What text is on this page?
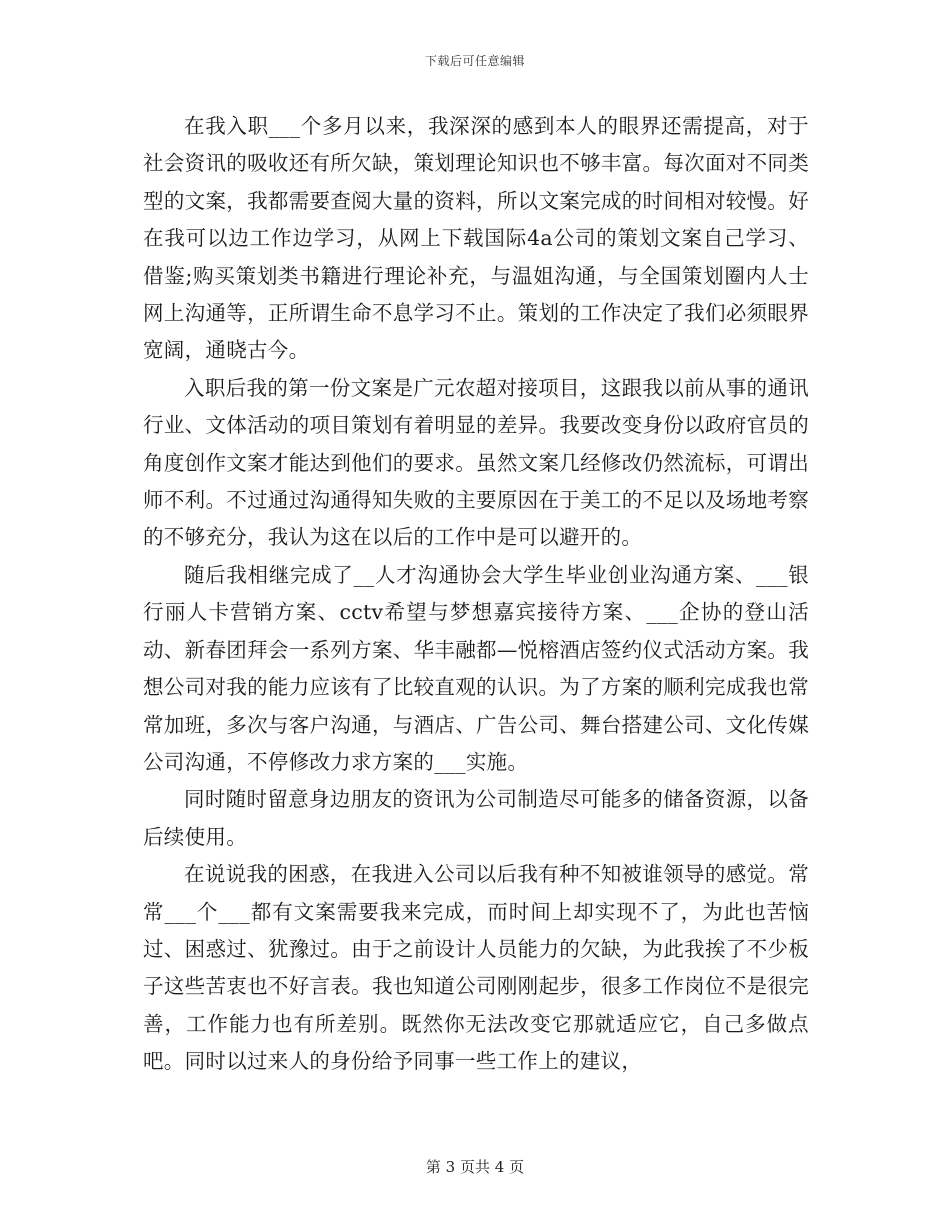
下载后可任意编辑

在我入职___个多月以来，我深深的感到本人的眼界还需提高，对于社会资讯的吸收还有所欠缺，策划理论知识也不够丰富。每次面对不同类型的文案，我都需要查阅大量的资料，所以文案完成的时间相对较慢。好在我可以边工作边学习，从网上下载国际4a公司的策划文案自己学习、借鉴;购买策划类书籍进行理论补充，与温姐沟通，与全国策划圈内人士网上沟通等，正所谓生命不息学习不止。策划的工作决定了我们必须眼界宽阔，通晓古今。

入职后我的第一份文案是广元农超对接项目，这跟我以前从事的通讯行业、文体活动的项目策划有着明显的差异。我要改变身份以政府官员的角度创作文案才能达到他们的要求。虽然文案几经修改仍然流标，可谓出师不利。不过通过沟通得知失败的主要原因在于美工的不足以及场地考察的不够充分，我认为这在以后的工作中是可以避开的。

随后我相继完成了__人才沟通协会大学生毕业创业沟通方案、___银行丽人卡营销方案、cctv希望与梦想嘉宾接待方案、___企协的登山活动、新春团拜会一系列方案、华丰融都—悦榕酒店签约仪式活动方案。我想公司对我的能力应该有了比较直观的认识。为了方案的顺利完成我也常常加班，多次与客户沟通，与酒店、广告公司、舞台搭建公司、文化传媒公司沟通，不停修改力求方案的___实施。

同时随时留意身边朋友的资讯为公司制造尽可能多的储备资源，以备后续使用。

在说说我的困惑，在我进入公司以后我有种不知被谁领导的感觉。常常___个___都有文案需要我来完成，而时间上却实现不了，为此也苦恼过、困惑过、犹豫过。由于之前设计人员能力的欠缺，为此我挨了不少板子这些苦衷也不好言表。我也知道公司刚刚起步，很多工作岗位不是很完善，工作能力也有所差别。既然你无法改变它那就适应它，自己多做点吧。同时以过来人的身份给予同事一些工作上的建议，

第 3 页共 4 页
